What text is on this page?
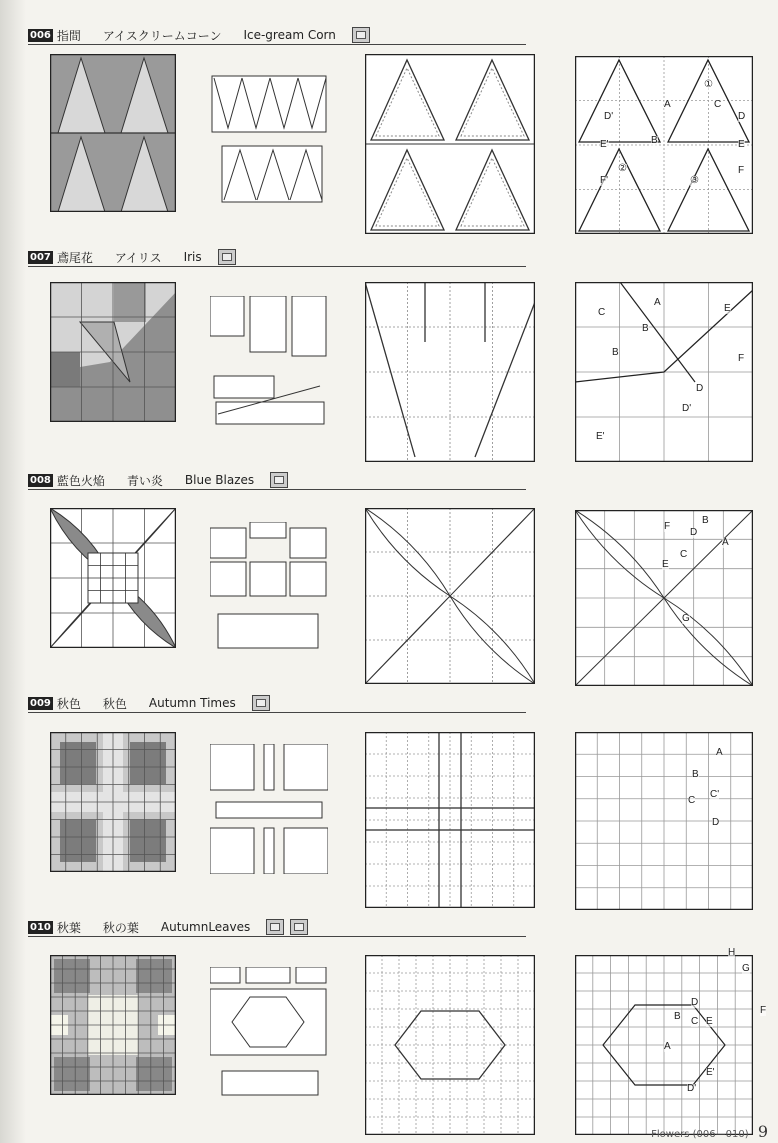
006 指間 アイスクリームコーン Ice-gream Corn
007 鳶尾花 アイリス Iris
008 藍色火焔 青い炎 Blue Blazes
009 秋色 秋色 Autumn Times
010 秋葉 秋の葉 AutumnLeaves
A
B
C
D
D'
E
E'
F
F'
①
②
③
A
B
B
C
D
D'
E
E'
F
A
B
C
D
E
F
G
A
B
C
C'
D
A
B C
D
D'
E
E'
F
G
H
Flowers (006—010) 9
